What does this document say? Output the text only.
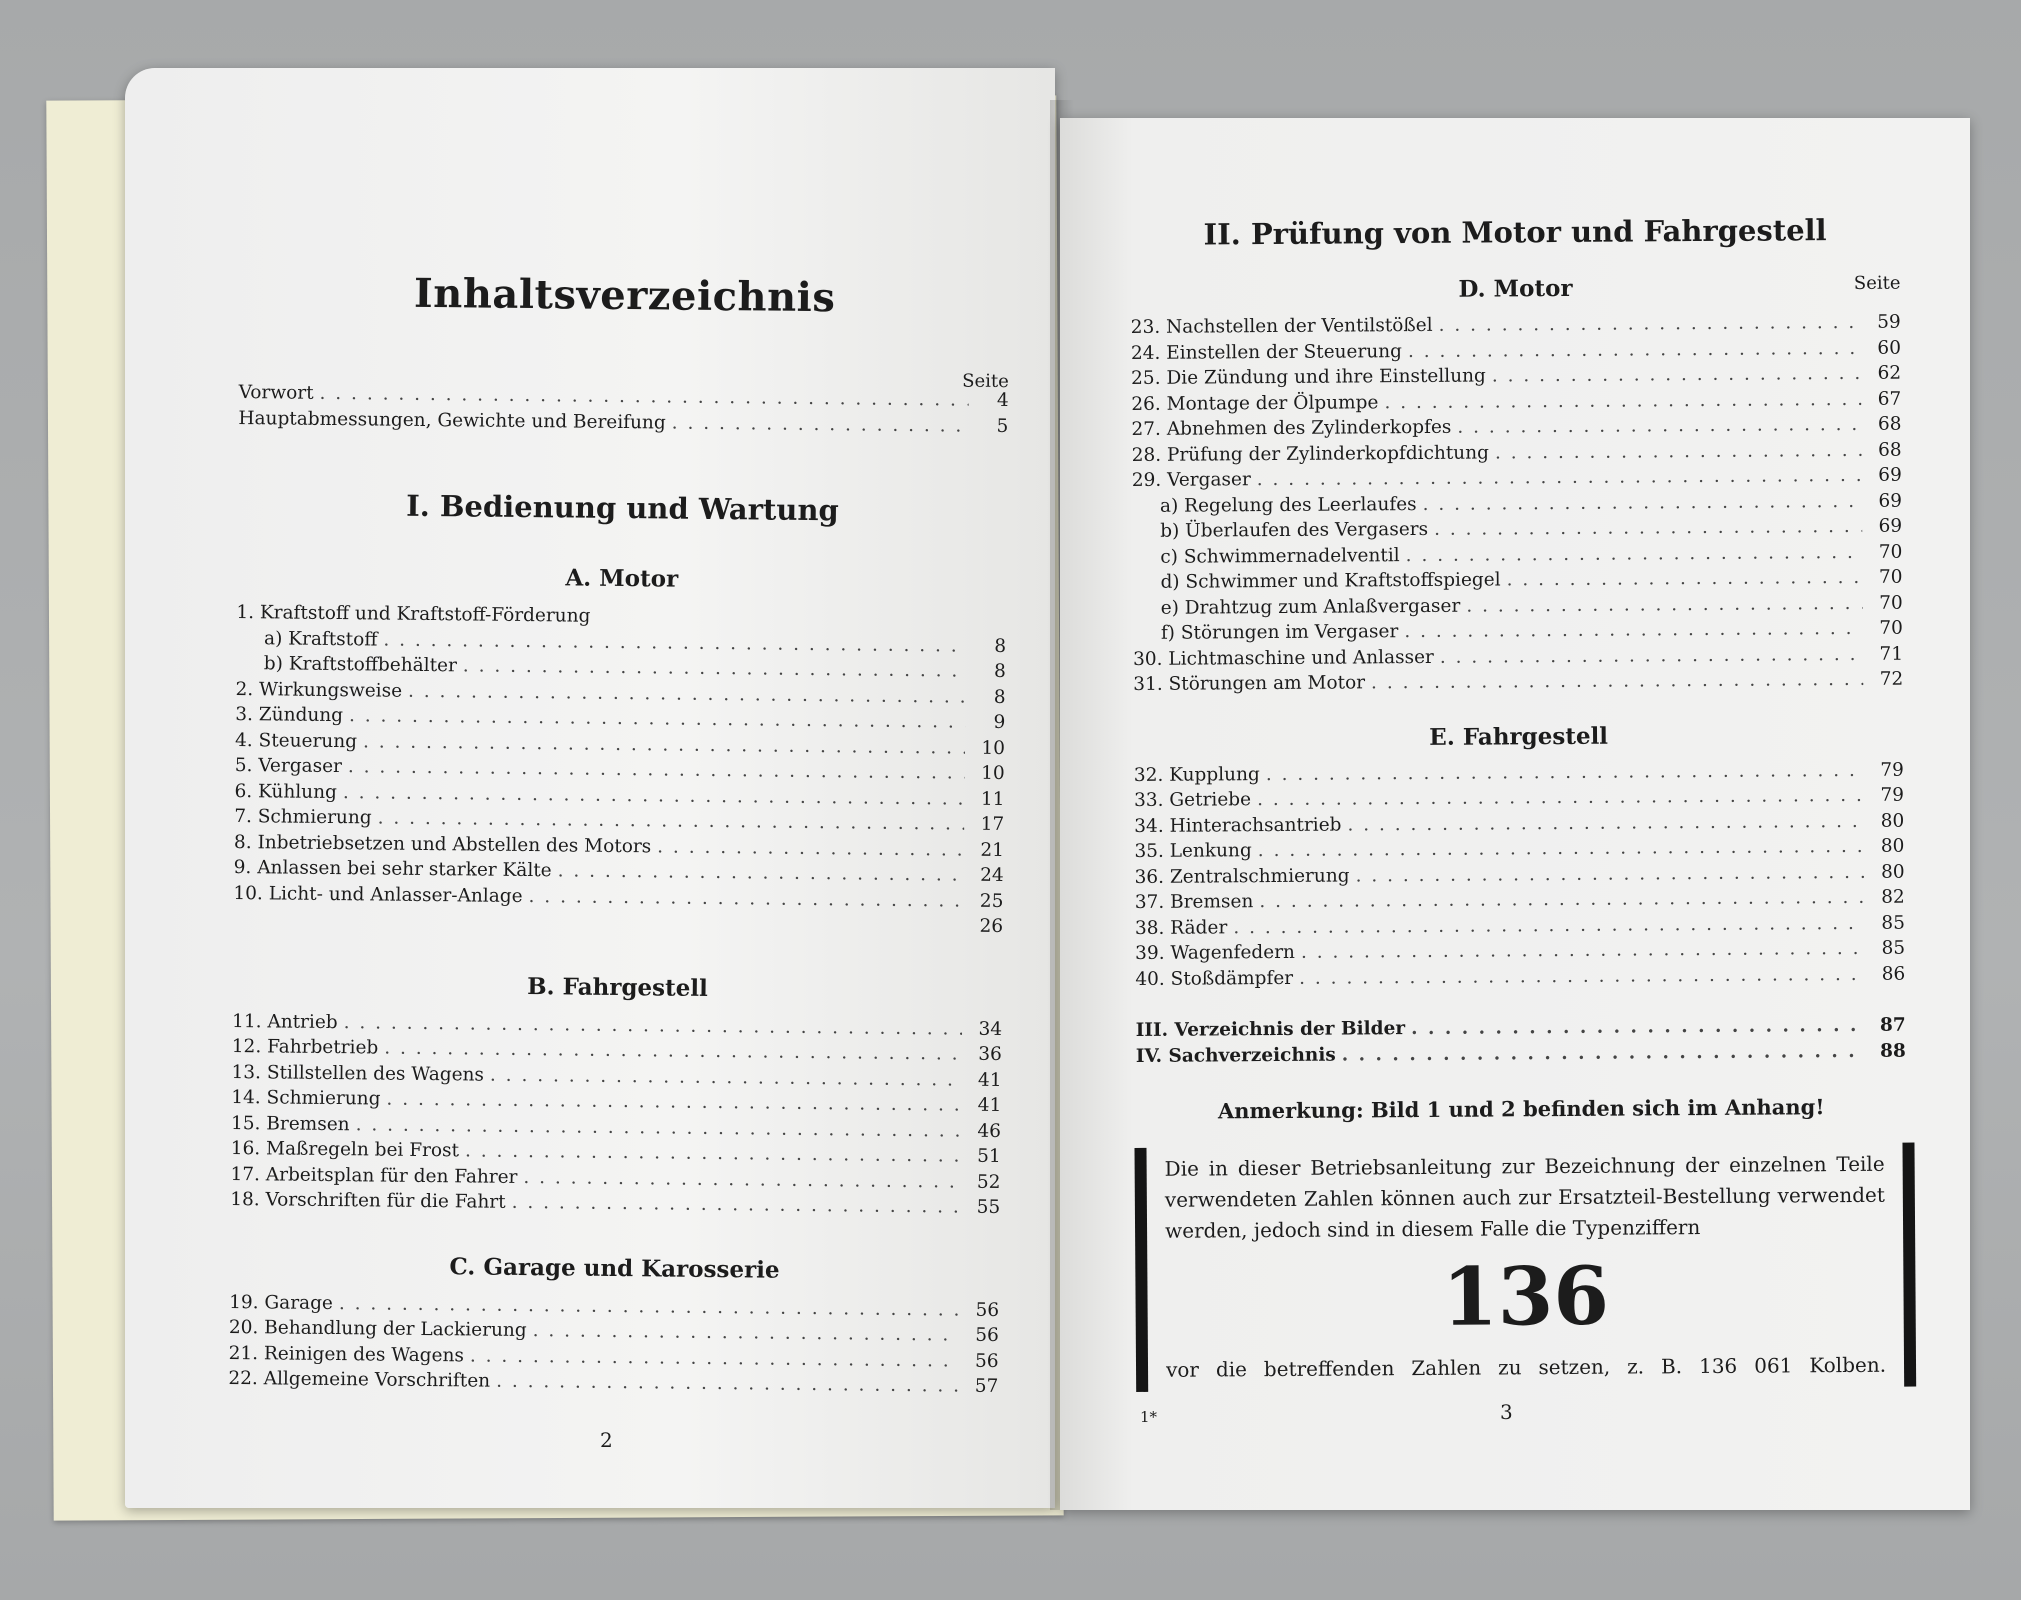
Inhaltsverzeichnis
Seite
Vorwort . . .	4
Hauptabmessungen, Gewichte und Bereifung . . .	5
I. Bedienung und Wartung
A. Motor
1. Kraftstoff und Kraftstoff-Förderung
a) Kraftstoff . . .	8
b) Kraftstoffbehälter . . .	8
2. Wirkungsweise . . .	8
3. Zündung . . .	9
4. Steuerung . . .	10
5. Vergaser . . .	10
6. Kühlung . . .	11
7. Schmierung . . .	17
8. Inbetriebsetzen und Abstellen des Motors . . .	21
9. Anlassen bei sehr starker Kälte . . .	24
10. Licht- und Anlasser-Anlage . . .	25
26
B. Fahrgestell
11. Antrieb . . .	34
12. Fahrbetrieb . . .	36
13. Stillstellen des Wagens . . .	41
14. Schmierung . . .	41
15. Bremsen . . .	46
16. Maßregeln bei Frost . . .	51
17. Arbeitsplan für den Fahrer . . .	52
18. Vorschriften für die Fahrt . . .	55
C. Garage und Karosserie
19. Garage . . .	56
20. Behandlung der Lackierung . . .	56
21. Reinigen des Wagens . . .	56
22. Allgemeine Vorschriften . . .	57
2
II. Prüfung von Motor und Fahrgestell
Seite
D. Motor
23. Nachstellen der Ventilstößel . . .	59
24. Einstellen der Steuerung . . .	60
25. Die Zündung und ihre Einstellung . . .	62
26. Montage der Ölpumpe . . .	67
27. Abnehmen des Zylinderkopfes . . .	68
28. Prüfung der Zylinderkopfdichtung . . .	68
29. Vergaser . . .	69
a) Regelung des Leerlaufes . . .	69
b) Überlaufen des Vergasers . . .	69
c) Schwimmernadelventil . . .	70
d) Schwimmer und Kraftstoffspiegel . . .	70
e) Drahtzug zum Anlaßvergaser . . .	70
f) Störungen im Vergaser . . .	70
30. Lichtmaschine und Anlasser . . .	71
31. Störungen am Motor . . .	72
E. Fahrgestell
32. Kupplung . . .	79
33. Getriebe . . .	79
34. Hinterachsantrieb . . .	80
35. Lenkung . . .	80
36. Zentralschmierung . . .	80
37. Bremsen . . .	82
38. Räder . . .	85
39. Wagenfedern . . .	85
40. Stoßdämpfer . . .	86
III. Verzeichnis der Bilder . . .	87
IV. Sachverzeichnis . . .	88
Anmerkung: Bild 1 und 2 befinden sich im Anhang!
Die in dieser Betriebsanleitung zur Bezeichnung der einzelnen Teile verwendeten Zahlen können auch zur Ersatzteil-Bestellung verwendet werden, jedoch sind in diesem Falle die Typenziffern
136
vor die betreffenden Zahlen zu setzen, z. B. 136 061 Kolben.
1*	3
